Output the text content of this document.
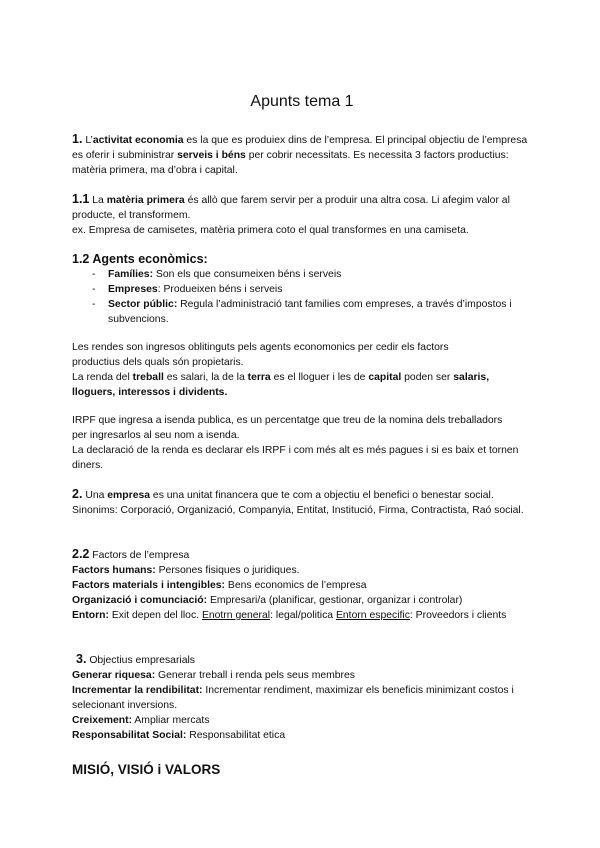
Apunts tema 1

1. L’activitat economia es la que es produiex dins de l’empresa. El principal objectiu de l’empresa es oferir i subministrar serveis i béns per cobrir necessitats. Es necessita 3 factors productius: matèria primera, ma d’obra i capital.

1.1 La matèria primera és allò que farem servir per a produir una altra cosa. Li afegim valor al producte, el transformem.

ex. Empresa de camisetes, matèria primera coto el qual transformes en una camiseta.

1.2 Agents econòmics:
- Famílies: Son els que consumeixen béns i serveis
- Empreses: Produeixen béns i serveis
- Sector públic: Regula l’administració tant families com empreses, a través d’impostos i subvencions.

Les rendes son ingresos oblitinguts pels agents economonics per cedir els factors productius dels quals són propietaris.

La renda del treball es salari, la de la terra es el lloguer i les de capital poden ser salaris, lloguers, interessos i dividents.

IRPF que ingresa a isenda publica, es un percentatge que treu de la nomina dels treballadors per ingresarlos al seu nom a isenda.

La declaració de la renda es declarar els IRPF i com més alt es més pagues i si es baix et tornen diners.

2. Una empresa es una unitat financera que te com a objectiu el benefici o benestar social.

Sinonims: Corporació, Organizació, Companyia, Entitat, Institució, Firma, Contractista, Raó social.

2.2 Factors de l’empresa
Factors humans: Persones fisiques o juridiques.
Factors materials i intengibles: Bens economics de l’empresa
Organizació i comunciació: Empresari/a (planificar, gestionar, organizar i controlar)
Entorn: Exit depen del lloc. Enotrn general: legal/politica Entorn especific: Proveedors i clients
3. Objectius empresarials
Generar riquesa: Generar treball i renda pels seus membres
Incrementar la rendibilitat: Incrementar rendiment, maximizar els beneficis minimizant costos i selecionant inversions.
Creixement: Ampliar mercats
Responsabilitat Social: Responsabilitat etica
MISIÓ, VISIÓ i VALORS
